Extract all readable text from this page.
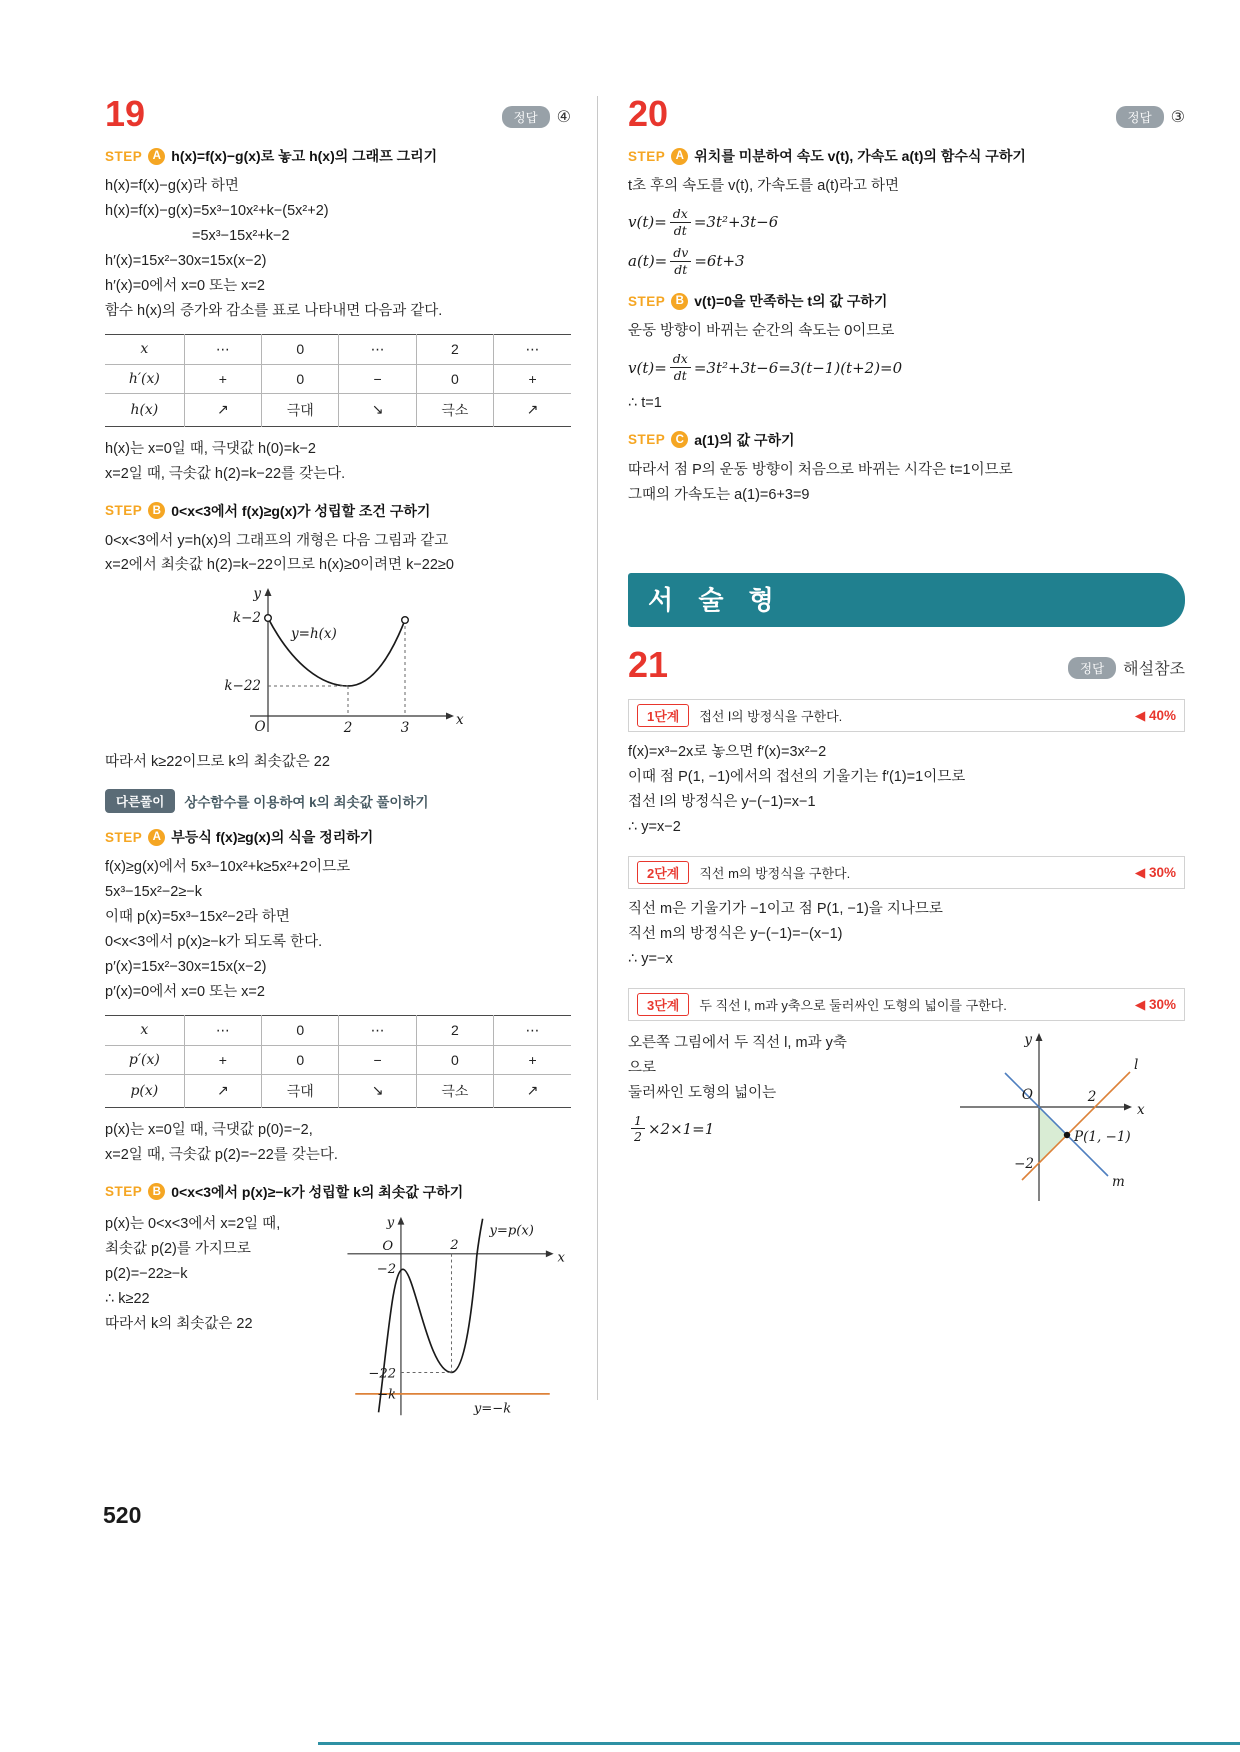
19	정답	④
STEP A h(x)=f(x)−g(x)로 놓고 h(x)의 그래프 그리기

h(x)=f(x)−g(x)라 하면

h(x)=f(x)−g(x)=5x³−10x²+k−(5x²+2)

      =5x³−15x²+k−2

h′(x)=15x²−30x=15x(x−2)

h′(x)=0에서 x=0 또는 x=2

함수 h(x)의 증가와 감소를 표로 나타내면 다음과 같다.

x	⋯	0	⋯	2	⋯
h′(x)	+	0	−	0	+
h(x)	↗	극대	↘	극소	↗

h(x)는 x=0일 때, 극댓값 h(0)=k−2

x=2일 때, 극솟값 h(2)=k−22를 갖는다.

STEP B 0<x<3에서 f(x)≥g(x)가 성립할 조건 구하기

0<x<3에서 y=h(x)의 그래프의 개형은 다음 그림과 같고

x=2에서 최솟값 h(2)=k−22이므로 h(x)≥0이려면 k−22≥0

y
x
O	2	3
k−2
k−22
y=h(x)

따라서 k≥22이므로 k의 최솟값은 22

다른풀이	상수함수를 이용하여 k의 최솟값 풀이하기
STEP A 부등식 f(x)≥g(x)의 식을 정리하기

f(x)≥g(x)에서 5x³−10x²+k≥5x²+2이므로

5x³−15x²−2≥−k

이때 p(x)=5x³−15x²−2라 하면

0<x<3에서 p(x)≥−k가 되도록 한다.

p′(x)=15x²−30x=15x(x−2)

p′(x)=0에서 x=0 또는 x=2

x	⋯	0	⋯	2	⋯
p′(x)	+	0	−	0	+
p(x)	↗	극대	↘	극소	↗

p(x)는 x=0일 때, 극댓값 p(0)=−2,

x=2일 때, 극솟값 p(2)=−22를 갖는다.

STEP B 0<x<3에서 p(x)≥−k가 성립할 k의 최솟값 구하기

p(x)는 0<x<3에서 x=2일 때,

최솟값 p(2)를 가지므로

p(2)=−22≥−k

∴ k≥22

따라서 k의 최솟값은 22

y
x
O	2
−2
−22
y=p(x)
−k
y=−k
20	정답	③
STEP A 위치를 미분하여 속도 v(t), 가속도 a(t)의 함수식 구하기

t초 후의 속도를 v(t), 가속도를 a(t)라고 하면

$v(t)= \frac{dx}{dt} =3t^2+3t-6$
$a(t)= \frac{dv}{dt} =6t+3$
STEP B v(t)=0을 만족하는 t의 값 구하기

운동 방향이 바뀌는 순간의 속도는 0이므로

$v(t)= \frac{dx}{dt} =3t^2+3t-6=3(t-1)(t+2)=0$

∴ t=1

STEP C a(1)의 값 구하기

따라서 점 P의 운동 방향이 처음으로 바뀌는 시각은 t=1이므로

그때의 가속도는 a(1)=6+3=9

서 술 형
21	정답	해설참조
1단계	접선 l의 방정식을 구한다.	◀ 40%

f(x)=x³−2x로 놓으면 f′(x)=3x²−2

이때 점 P(1, −1)에서의 접선의 기울기는 f′(1)=1이므로

접선 l의 방정식은 y−(−1)=x−1

∴ y=x−2

2단계	직선 m의 방정식을 구한다.	◀ 30%

직선 m은 기울기가 −1이고 점 P(1, −1)을 지나므로

직선 m의 방정식은 y−(−1)=−(x−1)

∴ y=−x

3단계	두 직선 l, m과 y축으로 둘러싸인 도형의 넓이를 구한다.	◀ 30%

오른쪽 그림에서 두 직선 l, m과 y축으로

둘러싸인 도형의 넓이는

$\frac{1}{2} \times 2\times 1=1$
y
x
O	2
−2
l
m
P(1, −1)
520
